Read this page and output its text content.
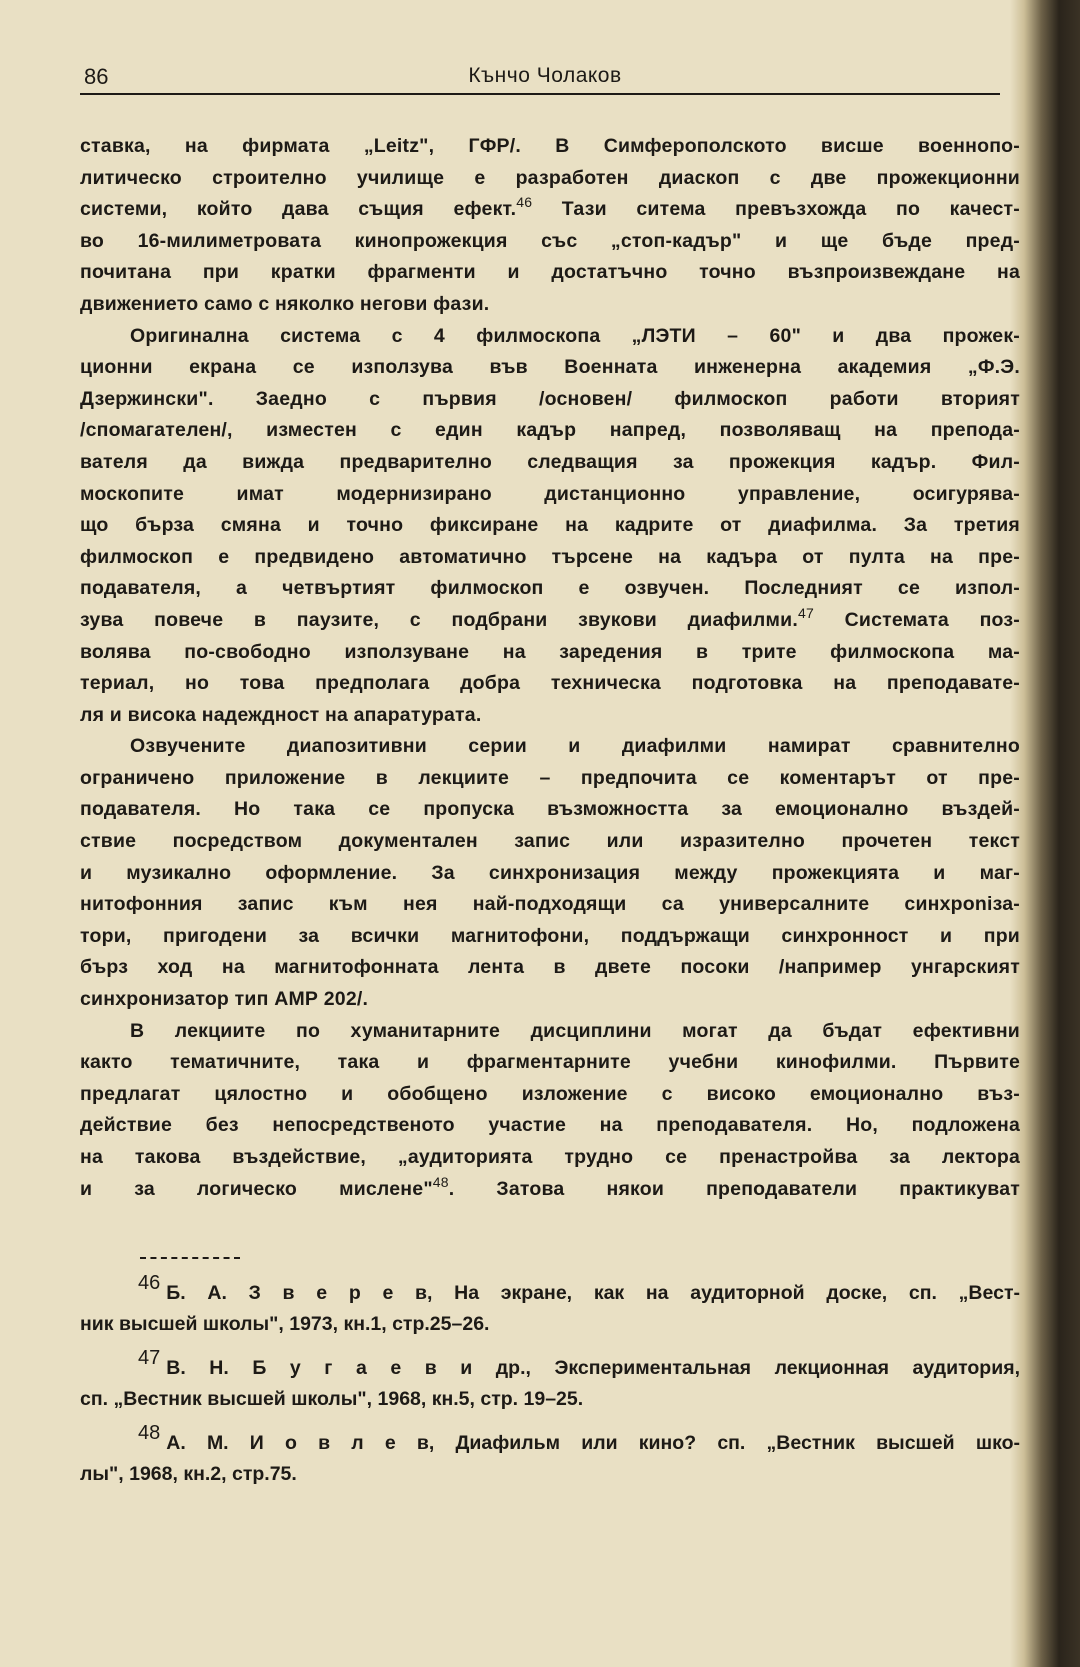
86	Кънчо Чолаков
ставка, на фирмата „Leitz", ГФР/. В Симферополското висше военнопо-
литическо строително училище е разработен диаскоп с две прожекционни
системи, който дава същия ефект.$^{46}$ Тази ситема превъзхожда по качест-
во 16-милиметровата кинопрожекция със „стоп-кадър" и ще бъде пред-
почитана при кратки фрагменти и достатъчно точно възпроизвеждане на
движението само с няколко негови фази.
Оригинална система с 4 филмоскопа „ЛЭТИ – 60" и два прожек-
ционни екрана се използува във Военната инженерна академия „Ф.Э.
Дзержински". Заедно с първия /основен/ филмоскоп работи вторият
/спомагателен/, изместен с един кадър напред, позволяващ на препода-
вателя да вижда предварително следващия за прожекция кадър. Фил-
москопите имат модернизирано дистанционно управление, осигурява-
що бърза смяна и точно фиксиране на кадрите от диафилма. За третия
филмоскоп е предвидено автоматично търсене на кадъра от пулта на пре-
подавателя, а четвъртият филмоскоп е озвучен. Последният се изпол-
зува повече в паузите, с подбрани звукови диафилми.$^{47}$ Системата поз-
волява по-свободно използуване на заредения в трите филмоскопа ма-
териал, но това предполага добра техническа подготовка на преподавате-
ля и висока надеждност на апаратурата.
Озвучените диапозитивни серии и диафилми намират сравнително
ограничено приложение в лекциите – предпочита се коментарът от пре-
подавателя. Но така се пропуска възможността за емоционално въздей-
ствие посредством документален запис или изразително прочетен текст
и музикално оформление. За синхронизация между прожекцията и маг-
нитофонния запис към нея най-подходящи са универсалните синхроniза-
тори, пригодени за всички магнитофони, поддържащи синхронност и при
бърз ход на магнитофонната лента в двете посоки /например унгарският
синхронизатор тип АМР 202/.
В лекциите по хуманитарните дисциплини могат да бъдат ефективни
както тематичните, така и фрагментарните учебни кинофилми. Първите
предлагат цялостно и обобщено изложение с високо емоционално въз-
действие без непосредственото участие на преподавателя. Но, подложена
на такова въздействие, „аудиторията трудно се пренастройва за лектора
и за логическо мислене"$^{48}$. Затова някои преподаватели практикуват
$^{46}$ Б. А. З в е р е в, На экране, как на аудиторной доске, сп. „Вест-
ник высшей школы", 1973, кн.1, стр.25–26.
$^{47}$ В. Н. Б у г а е в и др., Экспериментальная лекционная аудитория,
сп. „Вестник высшей школы", 1968, кн.5, стр. 19–25.
$^{48}$ А. М. И о в л е в, Диафильм или кино? сп. „Вестник высшей шко-
лы", 1968, кн.2, стр.75.
